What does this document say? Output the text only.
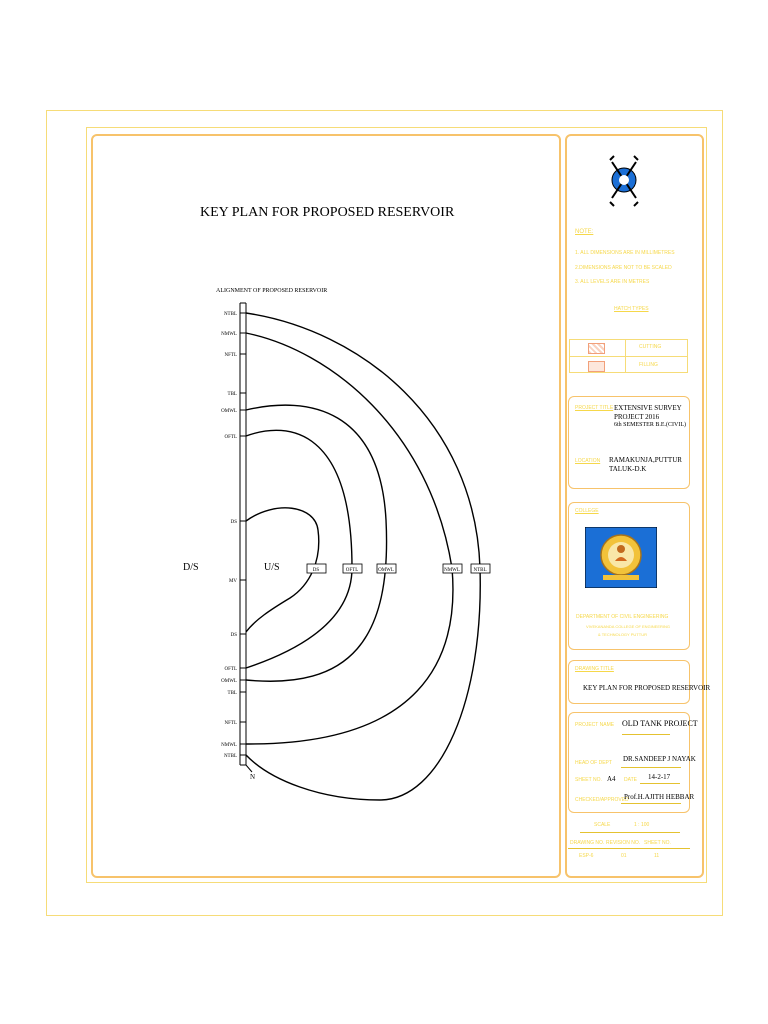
KEY PLAN FOR PROPOSED RESERVOIR
ALIGNMENT OF PROPOSED RESERVOIR
NTBL
NMWL
NFTL
TBL
OMWL
OFTL
DS
MV
DS
OFTL
OMWL
TBL
NFTL
NMWL
NTBL
DS	OFTL	OMWL	NMWL	NTBL
D/S	U/S
N
NOTE:
1. ALL DIMENSIONS ARE IN MILLIMETRES
2.DIMENSIONS ARE NOT TO BE SCALED
3. ALL LEVELS ARE IN METRES
HATCH TYPES
CUTTING
FILLING
PROJECT TITLE EXTENSIVE SURVEY
PROJECT 2016
6th SEMESTER B.E.(CIVIL)
LOCATION RAMAKUNJA,PUTTUR
TALUK-D.K
COLLEGE
DEPARTMENT OF CIVIL ENGINEERING
VIVEKANANDA COLLEGE OF ENGINEERING
& TECHNOLOGY PUTTUR
DRAWING TITLE
KEY PLAN FOR PROPOSED RESERVOIR
PROJECT NAME OLD TANK PROJECT
HEAD OF DEPT DR.SANDEEP J NAYAK
SHEET NO. A4 DATE 14-2-17
CHECKED/APPROVED
Prof.H.AJITH HEBBAR
SCALE	1 : 100
DRAWING NO. REVISION NO. SHEET NO.
ESP-6	01	11
